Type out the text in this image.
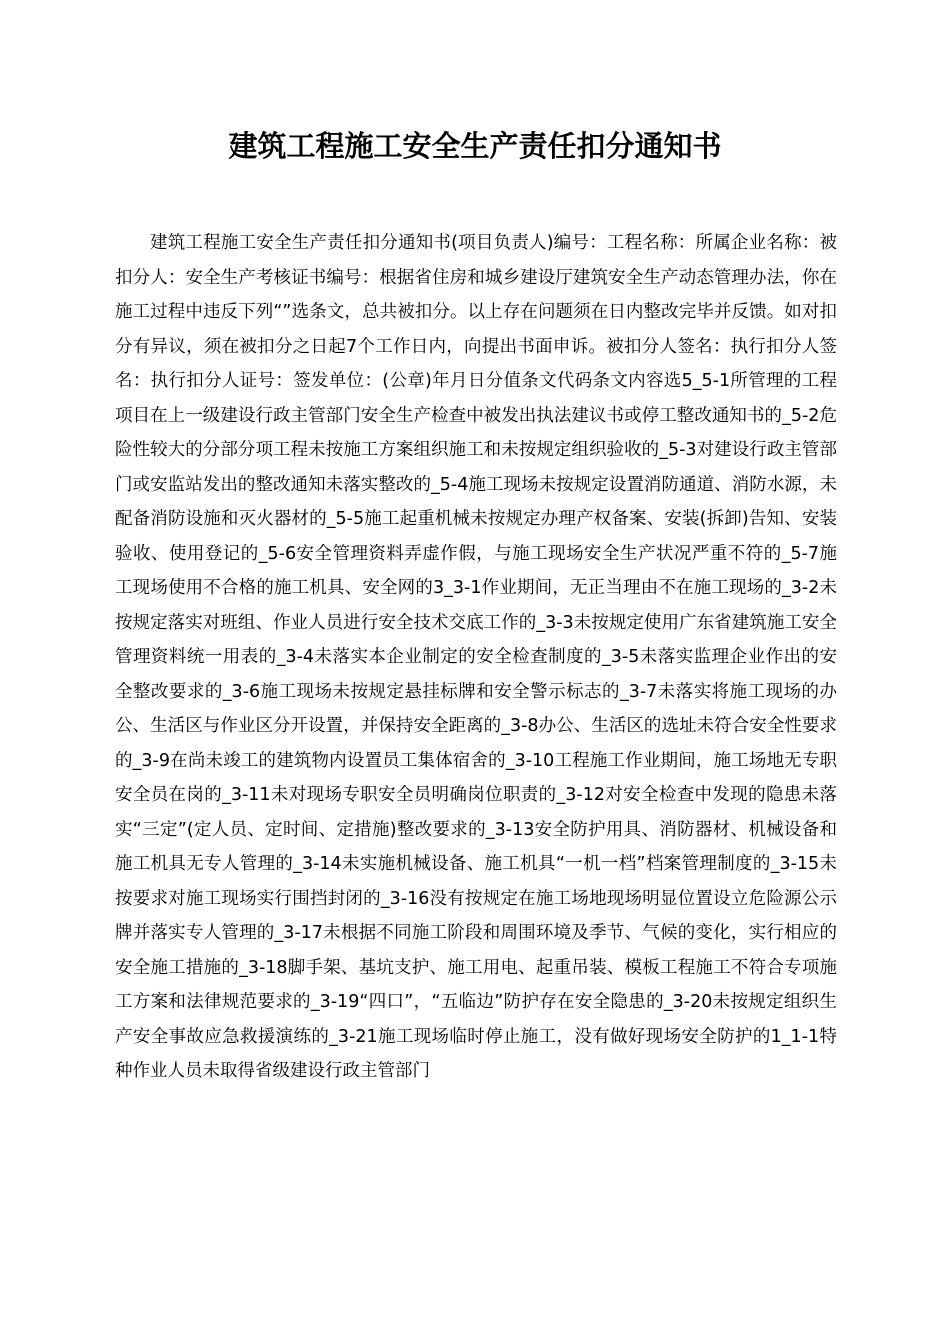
建筑工程施工安全生产责任扣分通知书

建筑工程施工安全生产责任扣分通知书(项目负责人)编号：工程名称：所属企业名称：被扣分人：安全生产考核证书编号：根据省住房和城乡建设厅建筑安全生产动态管理办法，你在施工过程中违反下列“”选条文，总共被扣分。以上存在问题须在日内整改完毕并反馈。如对扣分有异议，须在被扣分之日起7个工作日内，向提出书面申诉。被扣分人签名：执行扣分人签名：执行扣分人证号：签发单位：(公章)年月日分值条文代码条文内容选5_5-1所管理的工程项目在上一级建设行政主管部门安全生产检查中被发出执法建议书或停工整改通知书的_5-2危险性较大的分部分项工程未按施工方案组织施工和未按规定组织验收的_5-3对建设行政主管部门或安监站发出的整改通知未落实整改的_5-4施工现场未按规定设置消防通道、消防水源，未配备消防设施和灭火器材的_5-5施工起重机械未按规定办理产权备案、安装(拆卸)告知、安装验收、使用登记的_5-6安全管理资料弄虚作假，与施工现场安全生产状况严重不符的_5-7施工现场使用不合格的施工机具、安全网的3_3-1作业期间，无正当理由不在施工现场的_3-2未按规定落实对班组、作业人员进行安全技术交底工作的_3-3未按规定使用广东省建筑施工安全管理资料统一用表的_3-4未落实本企业制定的安全检查制度的_3-5未落实监理企业作出的安全整改要求的_3-6施工现场未按规定悬挂标牌和安全警示标志的_3-7未落实将施工现场的办公、生活区与作业区分开设置，并保持安全距离的_3-8办公、生活区的选址未符合安全性要求的_3-9在尚未竣工的建筑物内设置员工集体宿舍的_3-10工程施工作业期间，施工场地无专职安全员在岗的_3-11未对现场专职安全员明确岗位职责的_3-12对安全检查中发现的隐患未落实“三定”(定人员、定时间、定措施)整改要求的_3-13安全防护用具、消防器材、机械设备和施工机具无专人管理的_3-14未实施机械设备、施工机具“一机一档”档案管理制度的_3-15未按要求对施工现场实行围挡封闭的_3-16没有按规定在施工场地现场明显位置设立危险源公示牌并落实专人管理的_3-17未根据不同施工阶段和周围环境及季节、气候的变化，实行相应的安全施工措施的_3-18脚手架、基坑支护、施工用电、起重吊装、模板工程施工不符合专项施工方案和法律规范要求的_3-19“四口”，“五临边”防护存在安全隐患的_3-20未按规定组织生产安全事故应急救援演练的_3-21施工现场临时停止施工，没有做好现场安全防护的1_1-1特种作业人员未取得省级建设行政主管部门
